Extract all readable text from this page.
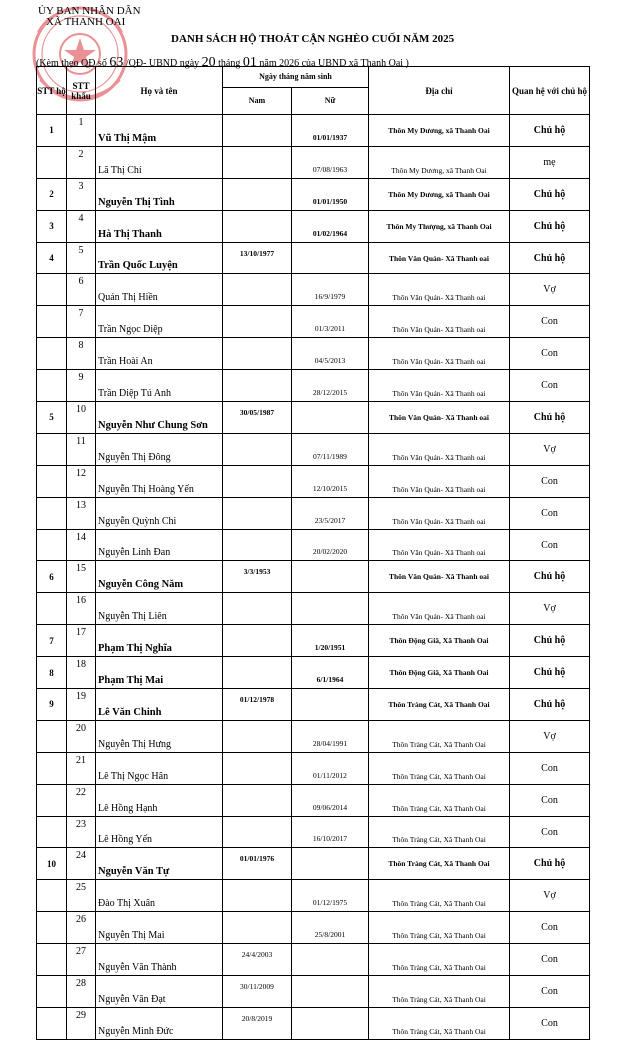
ỦY BAN NHÂN DÂN
XÃ THANH OAI
DANH SÁCH HỘ THOÁT CẬN NGHÈO CUỐI NĂM 2025
(Kèm theo QĐ số 63 /QĐ- UBND ngày 20 tháng 01 năm 2026 của UBND xã Thanh Oai )
STT hộ	STT khẩu	Họ và tên	Ngày tháng năm sinh		Địa chỉ	Quan hệ với chủ hộ
			Nam	Nữ		
1	1	Vũ Thị Mậm		01/01/1937	Thôn My Dương, xã Thanh Oai	Chủ hộ
	2	Lã Thị Chí		07/08/1963	Thôn My Dương, xã Thanh Oai	mẹ
2	3	Nguyễn Thị Tình		01/01/1950	Thôn My Dương, xã Thanh Oai	Chủ hộ
3	4	Hà Thị Thanh		01/02/1964	Thôn My Thượng, xã Thanh Oai	Chủ hộ
4	5	Trần Quốc Luyện	13/10/1977		Thôn Văn Quán- Xã Thanh oai	Chủ hộ
	6	Quản Thị Hiền		16/9/1979	Thôn Văn Quán- Xã Thanh oai	Vợ
	7	Trần Ngọc Diệp		01/3/2011	Thôn Văn Quán- Xã Thanh oai	Con
	8	Trần Hoài An		04/5/2013	Thôn Văn Quán- Xã Thanh oai	Con
	9	Trần Diệp Tú Anh		28/12/2015	Thôn Văn Quán- Xã Thanh oai	Con
5	10	Nguyễn Như Chung Sơn	30/05/1987		Thôn Văn Quán- Xã Thanh oai	Chủ hộ
	11	Nguyễn Thị Đông		07/11/1989	Thôn Văn Quán- Xã Thanh oai	Vợ
	12	Nguyễn Thị Hoàng Yến		12/10/2015	Thôn Văn Quán- Xã Thanh oai	Con
	13	Nguyễn Quỳnh Chi		23/5/2017	Thôn Văn Quán- Xã Thanh oai	Con
	14	Nguyễn Linh Đan		20/02/2020	Thôn Văn Quán- Xã Thanh oai	Con
6	15	Nguyễn Công Năm	3/3/1953		Thôn Văn Quán- Xã Thanh oai	Chủ hộ
	16	Nguyễn Thị Liên			Thôn Văn Quán- Xã Thanh oai	Vợ
7	17	Phạm Thị Nghĩa		1/20/1951	Thôn Động Giã, Xã Thanh Oai	Chủ hộ
8	18	Phạm Thị Mai		6/1/1964	Thôn Động Giã, Xã Thanh Oai	Chủ hộ
9	19	Lê Văn Chinh	01/12/1978		Thôn Tràng Cát, Xã Thanh Oai	Chủ hộ
	20	Nguyễn Thị Hưng		28/04/1991	Thôn Tràng Cát, Xã Thanh Oai	Vợ
	21	Lê Thị Ngọc Hân		01/11/2012	Thôn Tràng Cát, Xã Thanh Oai	Con
	22	Lê Hồng Hạnh		09/06/2014	Thôn Tràng Cát, Xã Thanh Oai	Con
	23	Lê Hồng Yến		16/10/2017	Thôn Tràng Cát, Xã Thanh Oai	Con
10	24	Nguyễn Văn Tự	01/01/1976		Thôn Tràng Cát, Xã Thanh Oai	Chủ hộ
	25	Đào Thị Xuân		01/12/1975	Thôn Tràng Cát, Xã Thanh Oai	Vợ
	26	Nguyễn Thị Mai		25/8/2001	Thôn Tràng Cát, Xã Thanh Oai	Con
	27	Nguyễn Văn Thành	24/4/2003		Thôn Tràng Cát, Xã Thanh Oai	Con
	28	Nguyễn Văn Đạt	30/11/2009		Thôn Tràng Cát, Xã Thanh Oai	Con
	29	Nguyễn Minh Đức	20/8/2019		Thôn Tràng Cát, Xã Thanh Oai	Con
